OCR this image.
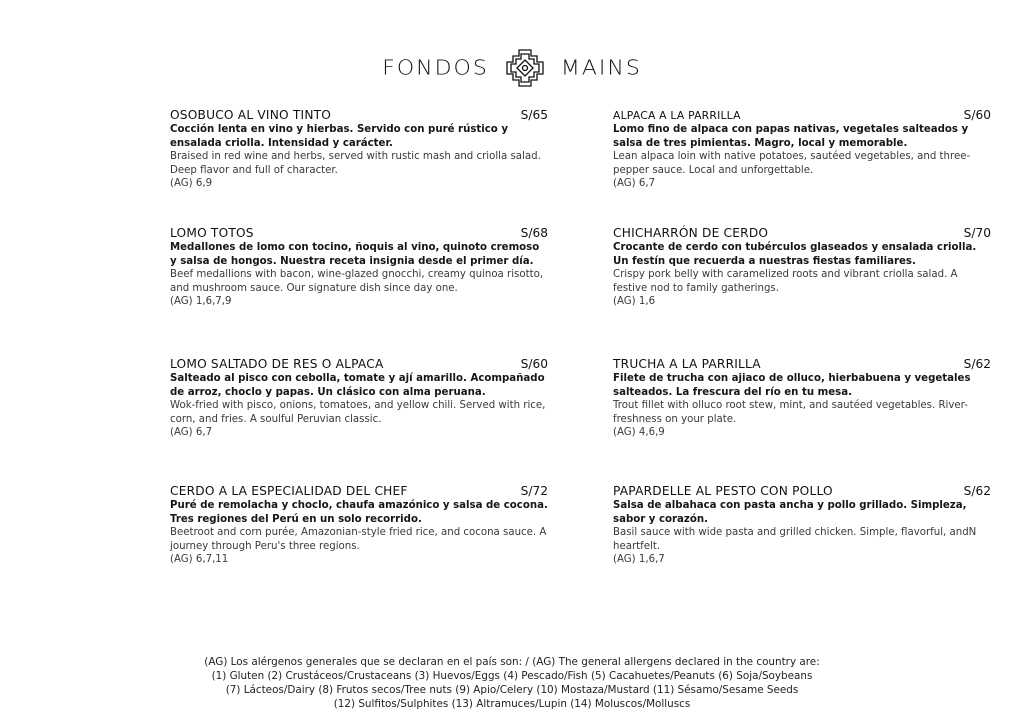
FONDOS	MAINS
OSOBUCO AL VINO TINTO	S/65

Cocción lenta en vino y hierbas. Servido con puré rústico y ensalada criolla. Intensidad y carácter.

Braised in red wine and herbs, served with rustic mash and criolla salad. Deep flavor and full of character.

(AG) 6,9

LOMO TOTOS	S/68

Medallones de lomo con tocino, ñoquis al vino, quinoto cremoso y salsa de hongos. Nuestra receta insignia desde el primer día.

Beef medallions with bacon, wine-glazed gnocchi, creamy quinoa risotto, and mushroom sauce. Our signature dish since day one.

(AG) 1,6,7,9

LOMO SALTADO DE RES O ALPACA	S/60

Salteado al pisco con cebolla, tomate y ají amarillo. Acompañado de arroz, choclo y papas. Un clásico con alma peruana.

Wok-fried with pisco, onions, tomatoes, and yellow chili. Served with rice, corn, and fries. A soulful Peruvian classic.

(AG) 6,7

CERDO A LA ESPECIALIDAD DEL CHEF	S/72

Puré de remolacha y choclo, chaufa amazónico y salsa de cocona. Tres regiones del Perú en un solo recorrido.

Beetroot and corn purée, Amazonian-style fried rice, and cocona sauce. A journey through Peru's three regions.

(AG) 6,7,11

ALPACA A LA PARRILLA	S/60

Lomo fino de alpaca con papas nativas, vegetales salteados y salsa de tres pimientas. Magro, local y memorable.

Lean alpaca loin with native potatoes, sautéed vegetables, and three-pepper sauce. Local and unforgettable.

(AG) 6,7

CHICHARRÓN DE CERDO	S/70

Crocante de cerdo con tubérculos glaseados y ensalada criolla. Un festín que recuerda a nuestras fiestas familiares.

Crispy pork belly with caramelized roots and vibrant criolla salad. A festive nod to family gatherings.

(AG) 1,6

TRUCHA A LA PARRILLA	S/62

Filete de trucha con ajiaco de olluco, hierbabuena y vegetales salteados. La frescura del río en tu mesa.

Trout fillet with olluco root stew, mint, and sautéed vegetables. River-freshness on your plate.

(AG) 4,6,9

PAPARDELLE AL PESTO CON POLLO	S/62

Salsa de albahaca con pasta ancha y pollo grillado. Simpleza, sabor y corazón.

Basil sauce with wide pasta and grilled chicken. Simple, flavorful, andN heartfelt.

(AG) 1,6,7

(AG) Los alérgenos generales que se declaran en el país son: / (AG) The general allergens declared in the country are:
(1) Gluten (2) Crustáceos/Crustaceans (3) Huevos/Eggs (4) Pescado/Fish (5) Cacahuetes/Peanuts (6) Soja/Soybeans
(7) Lácteos/Dairy (8) Frutos secos/Tree nuts (9) Apio/Celery (10) Mostaza/Mustard (11) Sésamo/Sesame Seeds
(12) Sulfitos/Sulphites (13) Altramuces/Lupin (14) Moluscos/Molluscs
